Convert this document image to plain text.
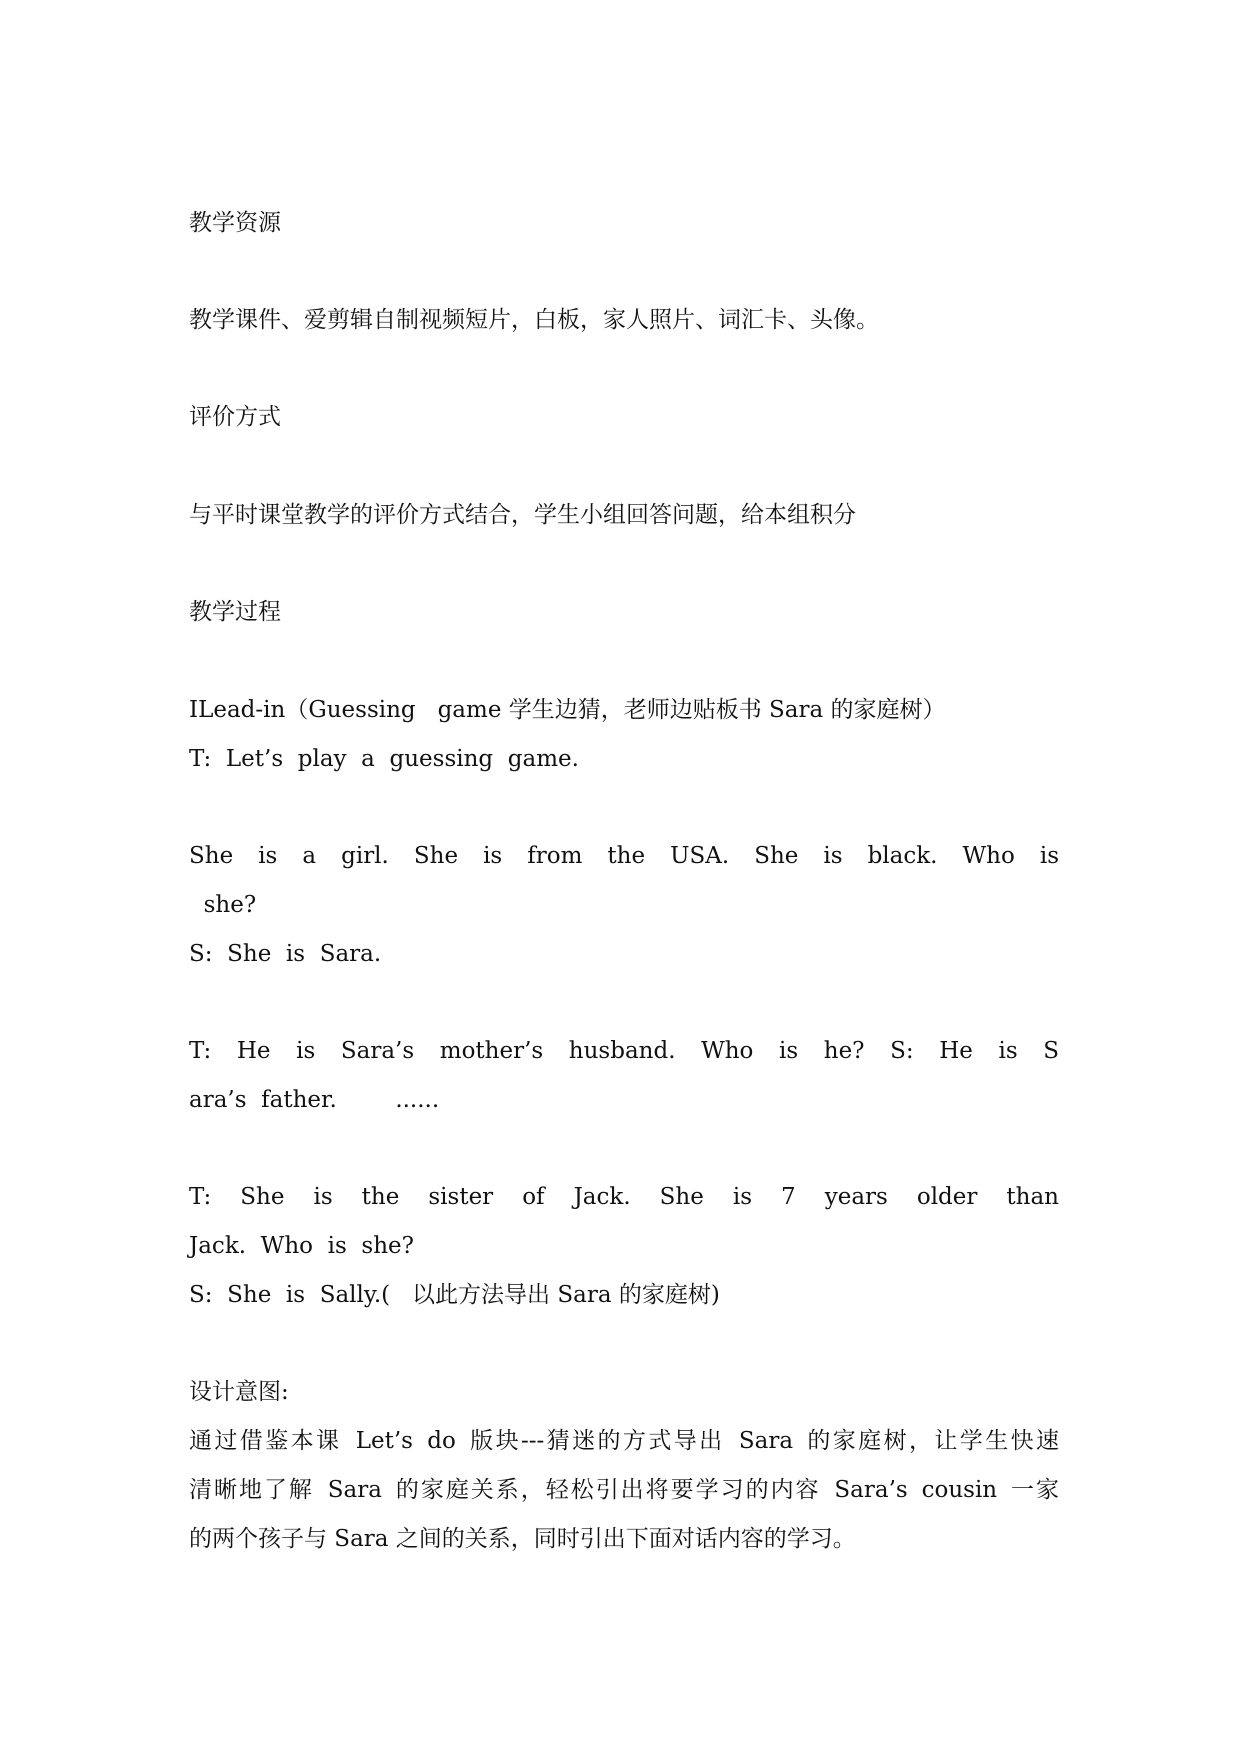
教学资源

教学课件、爱剪辑自制视频短片，白板，家人照片、词汇卡、头像。

评价方式

与平时课堂教学的评价方式结合，学生小组回答问题，给本组积分

教学过程

ⅠLead-in（Guessing   game 学生边猜，老师边贴板书 Sara 的家庭树）

T:  Let’s  play  a  guessing  game.

She is a girl. She is from the USA. She is black. Who is

she?

S:  She  is  Sara.

T: He is Sara’s mother’s husband. Who is he? S: He is S

ara’s  father.        ......

T: She is the sister of Jack. She is 7 years older than

Jack.  Who  is  she?

S:  She  is  Sally.(   以此方法导出 Sara 的家庭树)

设计意图:

通过借鉴本课 Let’s do 版块---猜迷的方式导出 Sara 的家庭树，让学生快速

清晰地了解 Sara 的家庭关系，轻松引出将要学习的内容 Sara’s cousin 一家

的两个孩子与 Sara 之间的关系，同时引出下面对话内容的学习。
